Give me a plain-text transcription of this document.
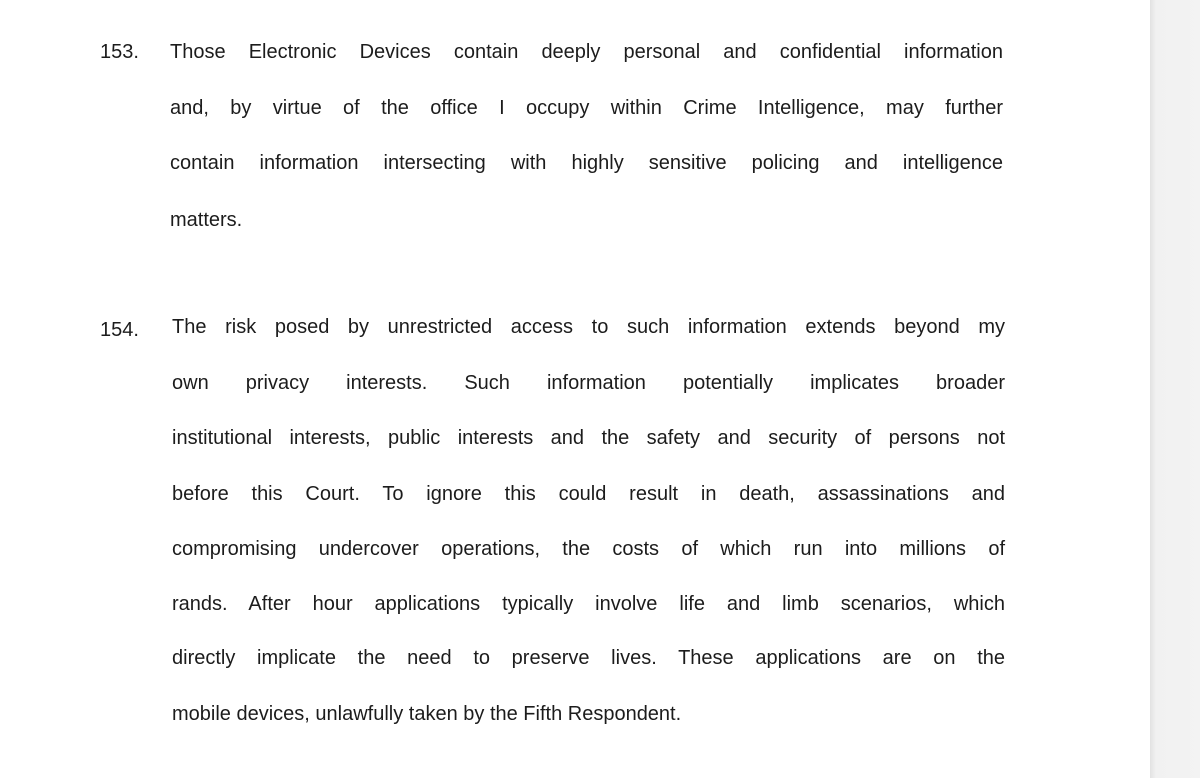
153. Those Electronic Devices contain deeply personal and confidential information
and, by virtue of the office I occupy within Crime Intelligence, may further
contain information intersecting with highly sensitive policing and intelligence
matters.
154. The risk posed by unrestricted access to such information extends beyond my
own privacy interests. Such information potentially implicates broader
institutional interests, public interests and the safety and security of persons not
before this Court. To ignore this could result in death, assassinations and
compromising undercover operations, the costs of which run into millions of
rands. After hour applications typically involve life and limb scenarios, which
directly implicate the need to preserve lives. These applications are on the
mobile devices, unlawfully taken by the Fifth Respondent.
